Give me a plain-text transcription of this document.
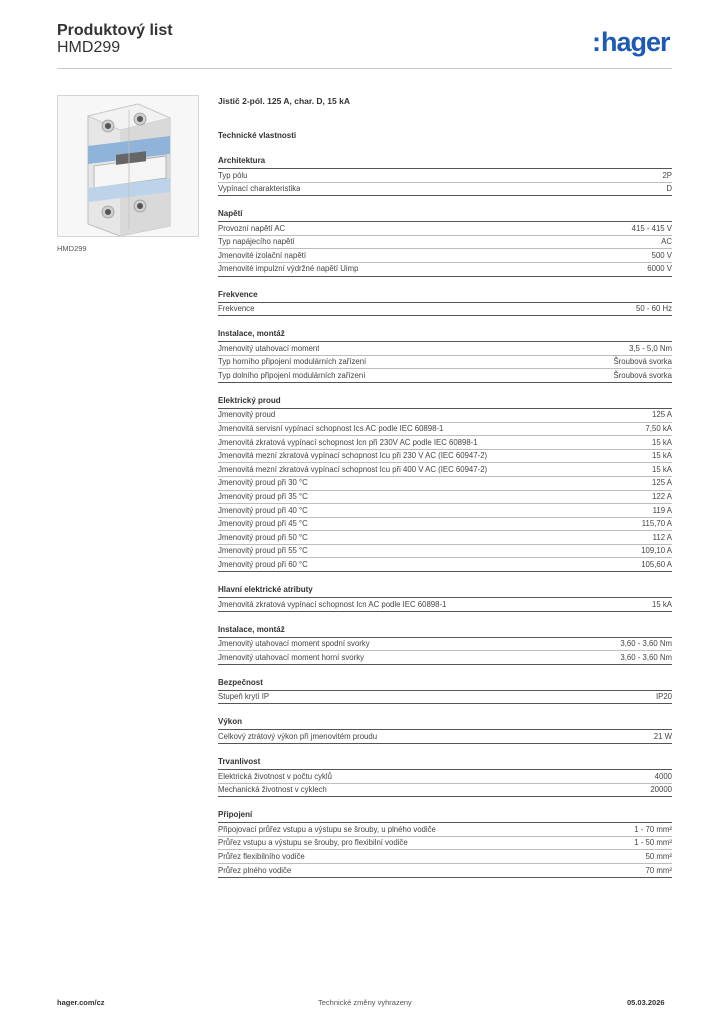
Produktový list
HMD299	:hager
HMD299

Jistič 2-pól. 125 A, char. D, 15 kA

Technické vlastnosti
Architektura
Typ pólu	2P
Vypínací charakteristika	D
Napětí
Provozní napětí AC	415 - 415 V
Typ napájecího napětí	AC
Jmenovité izolační napětí	500 V
Jmenovité impulzní výdržné napětí Uimp	6000 V
Frekvence
Frekvence	50 - 60 Hz
Instalace, montáž
Jmenovitý utahovací moment	3,5 - 5,0 Nm
Typ horního připojení modulárních zařízení	Šroubová svorka
Typ dolního připojení modulárních zařízení	Šroubová svorka
Elektrický proud
Jmenovitý proud	125 A
Jmenovitá servisní vypínací schopnost Ics AC podle IEC 60898-1	7,50 kA
Jmenovitá zkratová vypínací schopnost Icn při 230V AC podle IEC 60898-1	15 kA
Jmenovitá mezní zkratová vypínací schopnost Icu při 230 V AC (IEC 60947-2)	15 kA
Jmenovitá mezní zkratová vypínací schopnost Icu při 400 V AC (IEC 60947-2)	15 kA
Jmenovitý proud při 30 °C	125 A
Jmenovitý proud při 35 °C	122 A
Jmenovitý proud při 40 °C	119 A
Jmenovitý proud při 45 °C	115,70 A
Jmenovitý proud při 50 °C	112 A
Jmenovitý proud při 55 °C	109,10 A
Jmenovitý proud při 60 °C	105,60 A
Hlavní elektrické atributy
Jmenovitá zkratová vypínací schopnost Icn AC podle IEC 60898-1	15 kA
Instalace, montáž
Jmenovitý utahovací moment spodní svorky	3,60 - 3,60 Nm
Jmenovitý utahovací moment horní svorky	3,60 - 3,60 Nm
Bezpečnost
Stupeň krytí IP	IP20
Výkon
Celkový ztrátový výkon při jmenovitém proudu	21 W
Trvanlivost
Elektrická životnost v počtu cyklů	4000
Mechanická životnost v cyklech	20000
Připojení
Připojovací průřez vstupu a výstupu se šrouby, u plného vodiče	1 - 70 mm²
Průřez vstupu a výstupu se šrouby, pro flexibilní vodiče	1 - 50 mm²
Průřez flexibilního vodiče	50 mm²
Průřez plného vodiče	70 mm²
hager.com/cz	Technické změny vyhrazeny	05.03.2026
